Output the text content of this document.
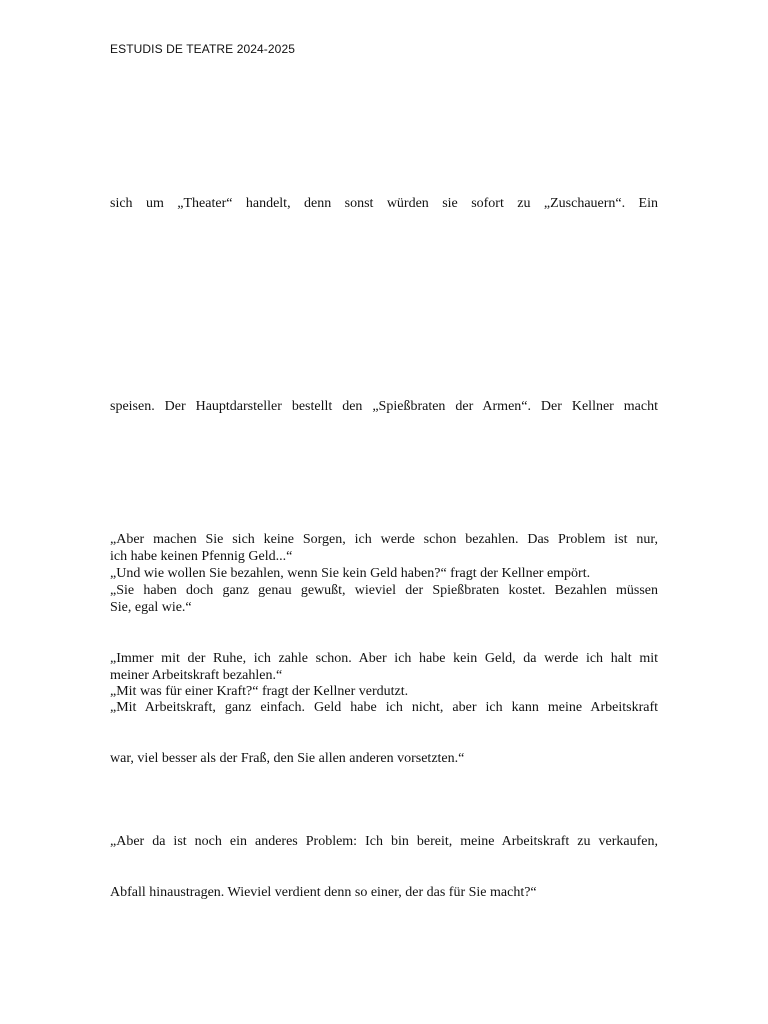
ESTUDIS DE TEATRE 2024-2025
sich um „Theater“ handelt, denn sonst würden sie sofort zu „Zuschauern“. Ein
speisen. Der Hauptdarsteller bestellt den „Spießbraten der Armen“. Der Kellner macht
„Aber machen Sie sich keine Sorgen, ich werde schon bezahlen. Das Problem ist nur,
ich habe keinen Pfennig Geld...“
„Und wie wollen Sie bezahlen, wenn Sie kein Geld haben?“ fragt der Kellner empört.
„Sie haben doch ganz genau gewußt, wieviel der Spießbraten kostet. Bezahlen müssen
Sie, egal wie.“
„Immer mit der Ruhe, ich zahle schon. Aber ich habe kein Geld, da werde ich halt mit
meiner Arbeitskraft bezahlen.“
„Mit was für einer Kraft?“ fragt der Kellner verdutzt.
„Mit Arbeitskraft, ganz einfach. Geld habe ich nicht, aber ich kann meine Arbeitskraft
war, viel besser als der Fraß, den Sie allen anderen vorsetzten.“
„Aber da ist noch ein anderes Problem: Ich bin bereit, meine Arbeitskraft zu verkaufen,
Abfall hinaustragen. Wieviel verdient denn so einer, der das für Sie macht?“
